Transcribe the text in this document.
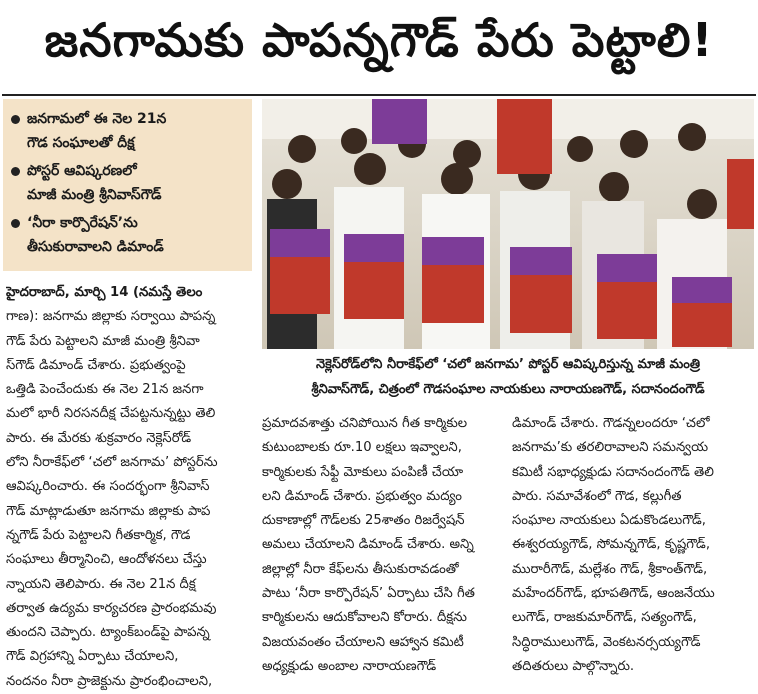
జనగామకు పాపన్నగౌడ్ పేరు పెట్టాలి!
జనగామలో ఈ నెల 21న
గౌడ సంఘాలతో దీక్ష
పోస్టర్ ఆవిష్కరణలో
మాజీ మంత్రి శ్రీనివాస్‌గౌడ్
‘నీరా కార్పొరేషన్’ను
తీసుకురావాలని డిమాండ్
నెక్లెస్‌రోడ్‌లోని నీరాకేఫ్‌లో ‘చలో జనగామ’ పోస్టర్ ఆవిష్కరిస్తున్న మాజీ మంత్రి
శ్రీనివాస్‌గౌడ్, చిత్రంలో గౌడసంఘాల నాయకులు నారాయణగౌడ్, సదానందంగౌడ్
హైదరాబాద్, మార్చి 14 (నమస్తే తెలం
గాణ): జనగామ జిల్లాకు సర్వాయి పాపన్న
గౌడ్ పేరు పెట్టాలని మాజీ మంత్రి శ్రీనివా
స్‌గౌడ్ డిమాండ్ చేశారు. ప్రభుత్వంపై
ఒత్తిడి పెంచేందుకు ఈ నెల 21న జనగా
మలో భారీ నిరసనదీక్ష చేపట్టనున్నట్టు తెలి
పారు. ఈ మేరకు శుక్రవారం నెక్లెస్‌రోడ్
లోని నీరాకేఫ్‌లో ‘చలో జనగామ’ పోస్టర్‌ను
ఆవిష్కరించారు. ఈ సందర్భంగా శ్రీనివాస్
గౌడ్ మాట్లాడుతూ జనగామ జిల్లాకు పాప
న్నగౌడ్ పేరు పెట్టాలని గీతకార్మిక, గౌడ
సంఘాలు తీర్మానించి, ఆందోళనలు చేస్తు
న్నాయని తెలిపారు. ఈ నెల 21న దీక్ష
తర్వాత ఉద్యమ కార్యచరణ ప్రారంభమవు
తుందని చెప్పారు. ట్యాంక్‌బండ్‌పై పాపన్న
గౌడ్ విగ్రహాన్ని ఏర్పాటు చేయాలని,
నందనం నీరా ప్రాజెక్టును ప్రారంభించాలని,
ప్రమాదవశాత్తు చనిపోయిన గీత కార్మికుల
కుటుంబాలకు రూ.10 లక్షలు ఇవ్వాలని,
కార్మికులకు సేఫ్టీ మోకులు పంపిణీ చేయా
లని డిమాండ్ చేశారు. ప్రభుత్వం మద్యం
దుకాణాల్లో గౌడ్‌లకు 25శాతం రిజర్వేషన్
అమలు చేయాలని డిమాండ్ చేశారు. అన్ని
జిల్లాల్లో నీరా కేఫ్‌లను తీసుకురావడంతో
పాటు ‘నీరా కార్పొరేషన్’ ఏర్పాటు చేసి గీత
కార్మికులను ఆదుకోవాలని కోరారు. దీక్షను
విజయవంతం చేయాలని ఆహ్వాన కమిటీ
అధ్యక్షుడు అంబాల నారాయణగౌడ్
డిమాండ్ చేశారు. గౌడన్నలందరూ ‘చలో
జనగామ’కు తరలిరావాలని సమన్వయ
కమిటీ సభాధ్యక్షుడు సదానందంగౌడ్ తెలి
పారు. సమావేశంలో గౌడ, కల్లుగీత
సంఘాల నాయకులు ఏడుకొండలుగౌడ్,
ఈశ్వరయ్యగౌడ్, సోమన్నగౌడ్, కృష్ణగౌడ్,
మురారీగౌడ్, మల్లేశం గౌడ్, శ్రీకాంత్‌గౌడ్,
మహేందర్‌గౌడ్, భూపతిగౌడ్, ఆంజనేయు
లుగౌడ్, రాజకుమార్‌గౌడ్, సత్యంగౌడ్,
సిద్ధిరాములుగౌడ్, వెంకటనర్సయ్యగౌడ్
తదితరులు పాల్గొన్నారు.
